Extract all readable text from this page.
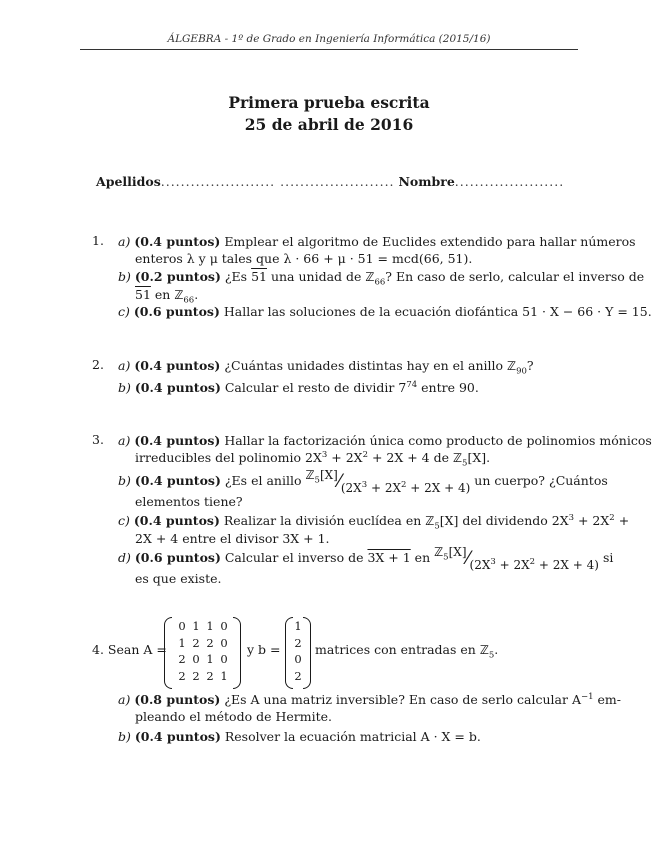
ÁLGEBRA - 1º de Grado en Ingeniería Informática (2015/16)
Primera prueba escrita
25 de abril de 2016
Apellidos....................... ....................... Nombre......................
1. a) (0.4 puntos) Emplear el algoritmo de Euclides extendido para hallar números
enteros λ y μ tales que λ · 66 + μ · 51 = mcd(66, 51).
b) (0.2 puntos) ¿Es 51 una unidad de ℤ$_{66}$? En caso de serlo, calcular el inverso de
51 en ℤ$_{66}$.
c) (0.6 puntos) Hallar las soluciones de la ecuación diofántica 51 · X − 66 · Y = 15.
2. a) (0.4 puntos) ¿Cuántas unidades distintas hay en el anillo ℤ$_{90}$?
b) (0.4 puntos) Calcular el resto de dividir $7^{74}$ entre 90.
3. a) (0.4 puntos) Hallar la factorización única como producto de polinomios mónicos
irreducibles del polinomio $2X^3 + 2X^2 + 2X + 4$ de ℤ$_5$[X].
b) (0.4 puntos) ¿Es el anillo $ℤ_5[X]⁄(2X^3 + 2X^2 + 2X + 4)$ un cuerpo? ¿Cuántos
elementos tiene?
c) (0.4 puntos) Realizar la división euclídea en ℤ$_5$[X] del dividendo $2X^3 + 2X^2$ +
2X + 4 entre el divisor 3X + 1.
d) (0.6 puntos) Calcular el inverso de 3X + 1 en $ℤ_5[X]⁄(2X^3 + 2X^2 + 2X + 4)$ si
es que existe.
4. Sean A =
0 1 1 0
1 2 2 0
2 0 1 0
2 2 2 1
y b =
1
2
0
2
matrices con entradas en ℤ$_5$.
a) (0.8 puntos) ¿Es A una matriz inversible? En caso de serlo calcular $A^{-1}$ em-
pleando el método de Hermite.
b) (0.4 puntos) Resolver la ecuación matricial A · X = b.
